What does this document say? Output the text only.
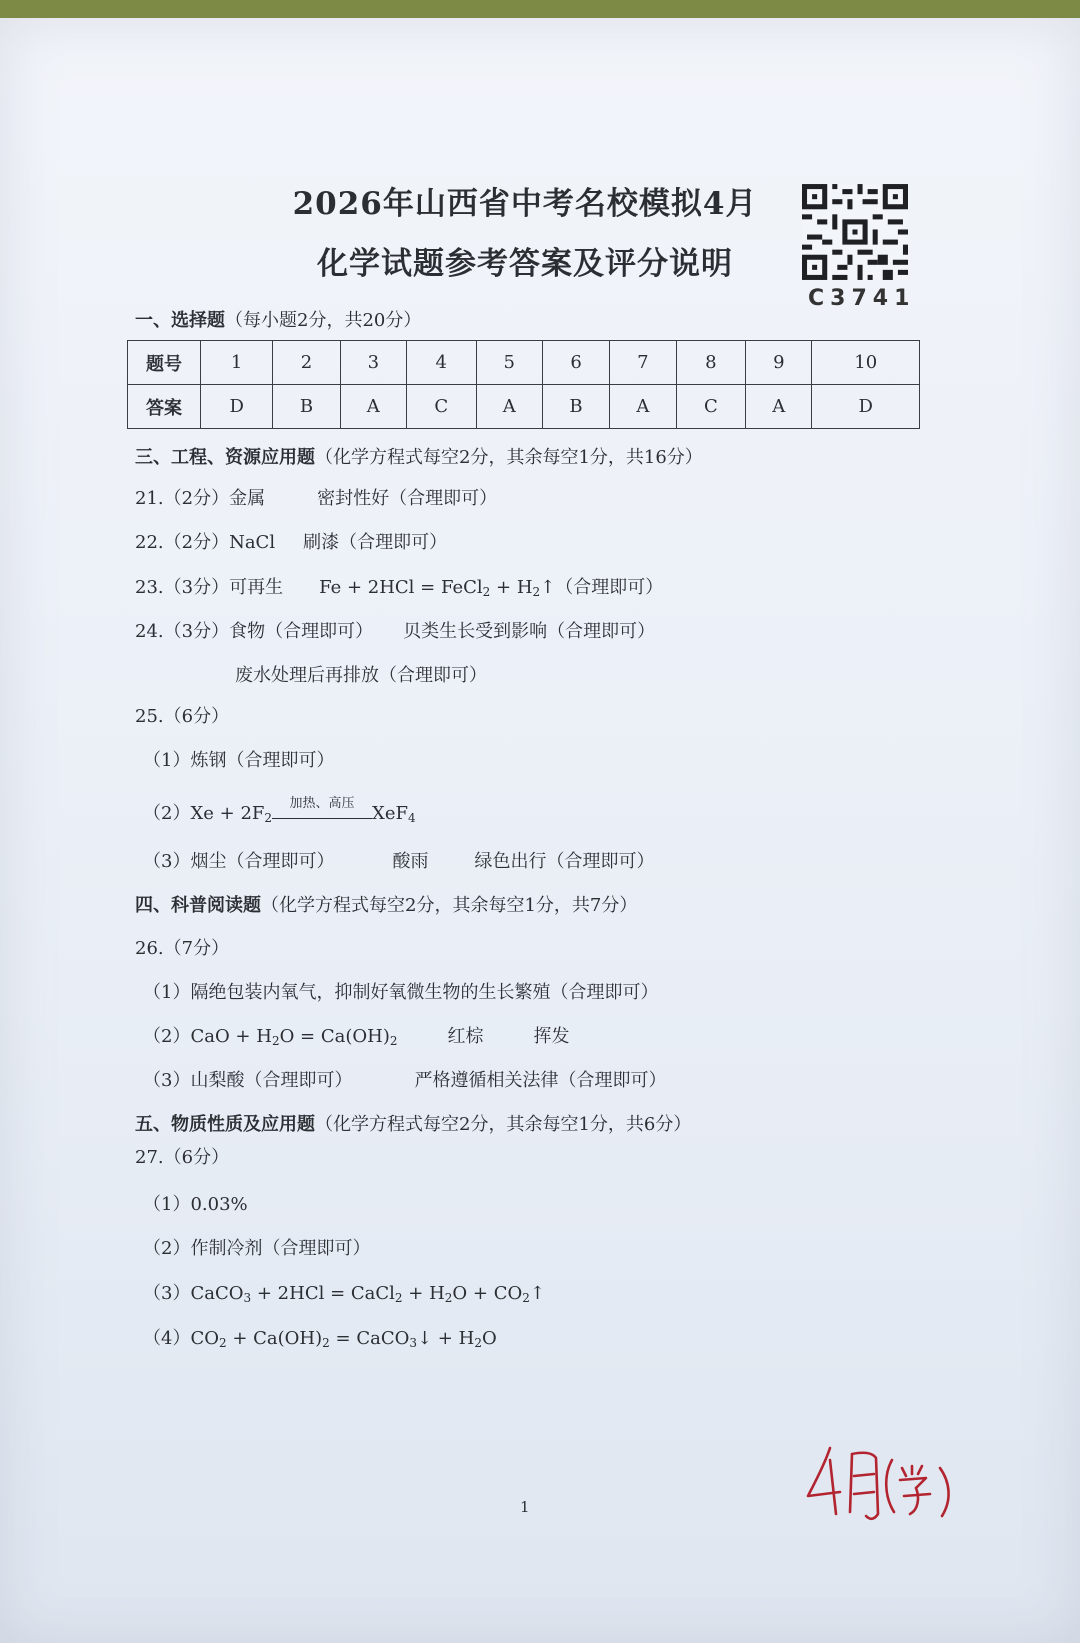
2026年山西省中考名校模拟4月
化学试题参考答案及评分说明
C3741
一、选择题（每小题2分，共20分）
题号	1	2	3	4	5	6	7	8	9	10
答案	D	B	A	C	A	B	A	C	A	D
三、工程、资源应用题（化学方程式每空2分，其余每空1分，共16分）
21.（2分）金属	密封性好（合理即可）
22.（2分）NaCl 刷漆（合理即可）
23.（3分）可再生 Fe + 2HCl = FeCl$_2$ + $H_2↑$（合理即可）
24.（3分）食物（合理即可） 贝类生长受到影响（合理即可）
废水处理后再排放（合理即可）
25.（6分）
（1）炼钢（合理即可）
$(2)Xe + 2F_2$
加热、高压 XeF$_4$
（3）烟尘（合理即可）	酸雨	绿色出行（合理即可）
四、科普阅读题（化学方程式每空2分，其余每空1分，共7分）
26.（7分）
（1）隔绝包装内氧气，抑制好氧微生物的生长繁殖（合理即可）
$(2)CaO + H_2O = Ca(OH)_2$	红棕	挥发
（3）山梨酸（合理即可）	严格遵循相关法律（合理即可）
五、物质性质及应用题（化学方程式每空2分，其余每空1分，共6分）
27.（6分）
（1）0.03%
（2）作制冷剂（合理即可）
（3）CaCO$_3$ + 2HCl = CaCl$_2$ + $H_2O$ + $CO_2↑$
$(4)CO_2 + Ca(OH)_2$ = CaCO$_3$↓ + $H_2O$
1
